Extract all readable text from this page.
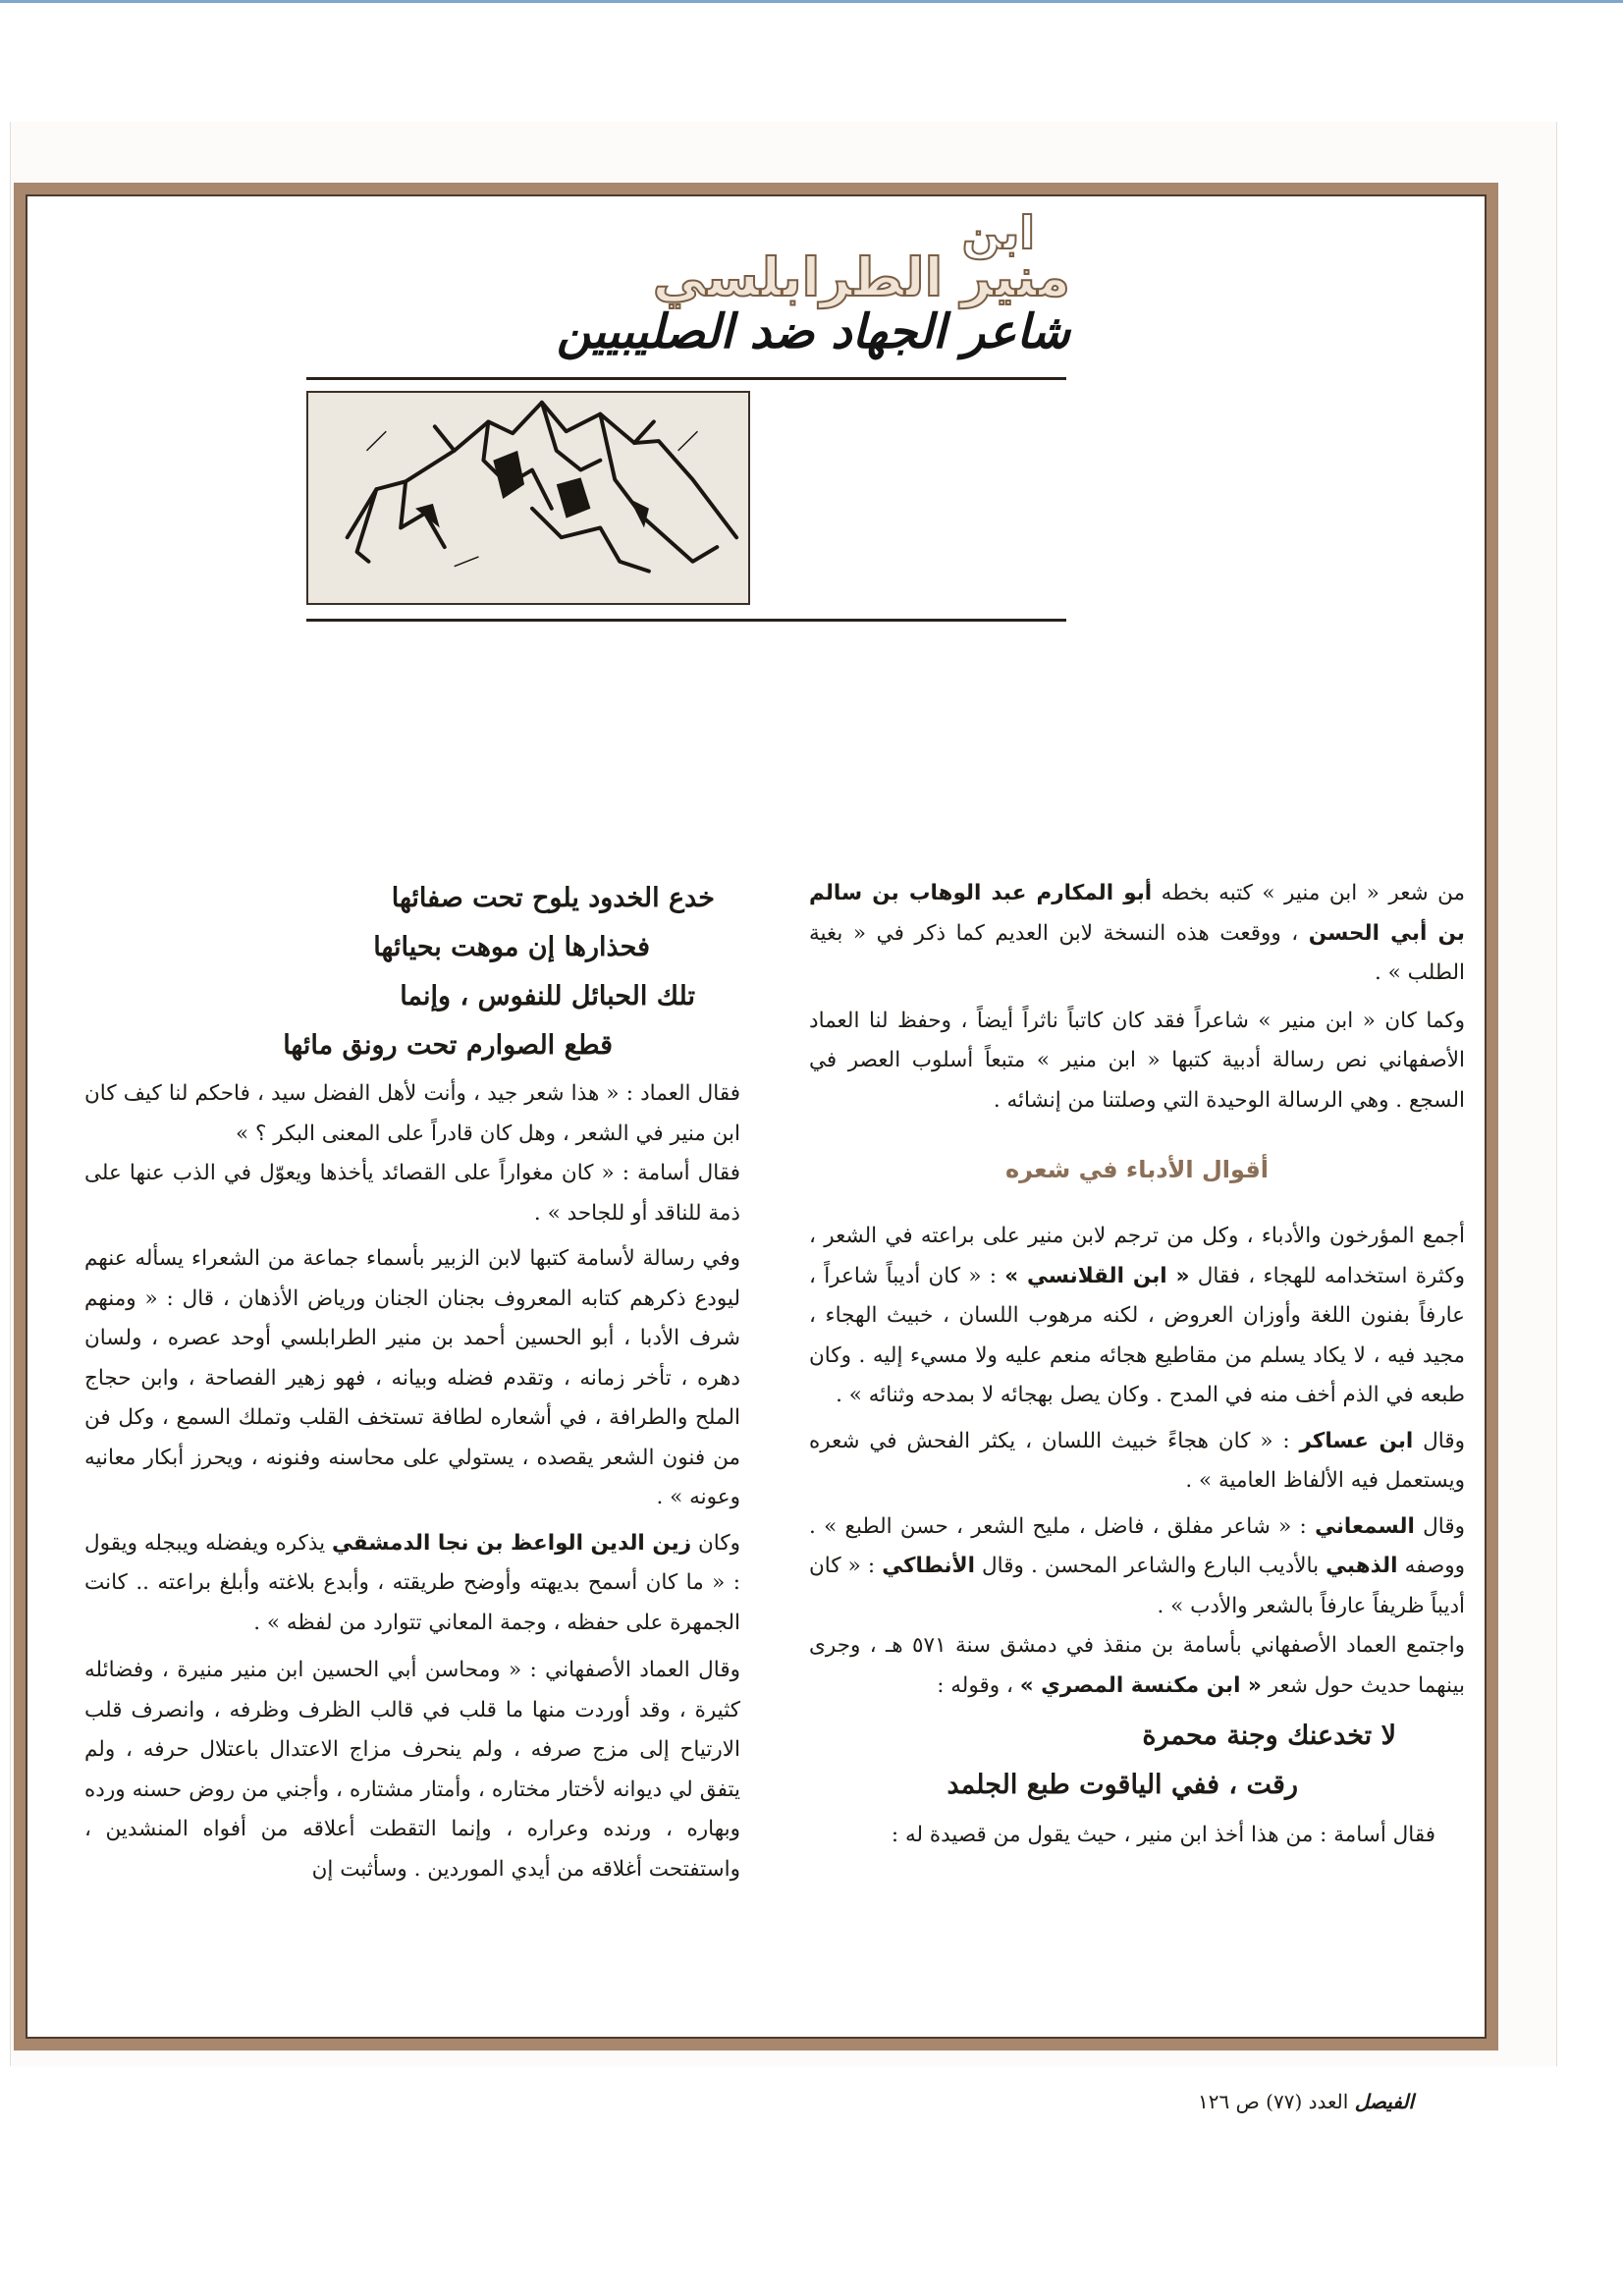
ابن
منير الطرابلسي
شاعر الجهاد ضد الصليبيين

من شعر « ابن منير » كتبه بخطه أبو المكارم عبد الوهاب بن سالم بن أبي الحسن ، ووقعت هذه النسخة لابن العديم كما ذكر في « بغية الطلب » .

وكما كان « ابن منير » شاعراً فقد كان كاتباً ناثراً أيضاً ، وحفظ لنا العماد الأصفهاني نص رسالة أدبية كتبها « ابن منير » متبعاً أسلوب العصر في السجع . وهي الرسالة الوحيدة التي وصلتنا من إنشائه .

أقوال الأدباء في شعره

أجمع المؤرخون والأدباء ، وكل من ترجم لابن منير على براعته في الشعر ، وكثرة استخدامه للهجاء ، فقال « ابن القلانسي » : « كان أديباً شاعراً ، عارفاً بفنون اللغة وأوزان العروض ، لكنه مرهوب اللسان ، خبيث الهجاء ، مجيد فيه ، لا يكاد يسلم من مقاطيع هجائه منعم عليه ولا مسيء إليه . وكان طبعه في الذم أخف منه في المدح . وكان يصل بهجائه لا بمدحه وثنائه » .

وقال ابن عساكر : « كان هجاءً خبيث اللسان ، يكثر الفحش في شعره ويستعمل فيه الألفاظ العامية » .

وقال السمعاني : « شاعر مفلق ، فاضل ، مليح الشعر ، حسن الطبع » . ووصفه الذهبي بالأديب البارع والشاعر المحسن . وقال الأنطاكي : « كان أديباً ظريفاً عارفاً بالشعر والأدب » .

واجتمع العماد الأصفهاني بأسامة بن منقذ في دمشق سنة ٥٧١ هـ ، وجرى بينهما حديث حول شعر « ابن مكنسة المصري » ، وقوله :

لا تخدعنك وجنة محمرة

رقت ، ففي الياقوت طبع الجلمد

فقال أسامة : من هذا أخذ ابن منير ، حيث يقول من قصيدة له :

خدع الخدود يلوح تحت صفائها

فحذارها إن موهت بحيائها

تلك الحبائل للنفوس ، وإنما

قطع الصوارم تحت رونق مائها

فقال العماد : « هذا شعر جيد ، وأنت لأهل الفضل سيد ، فاحكم لنا كيف كان ابن منير في الشعر ، وهل كان قادراً على المعنى البكر ؟ »

فقال أسامة : « كان مغواراً على القصائد يأخذها ويعوّل في الذب عنها على ذمة للناقد أو للجاحد » .

وفي رسالة لأسامة كتبها لابن الزبير بأسماء جماعة من الشعراء يسأله عنهم ليودع ذكرهم كتابه المعروف بجنان الجنان ورياض الأذهان ، قال : « ومنهم شرف الأدبا ، أبو الحسين أحمد بن منير الطرابلسي أوحد عصره ، ولسان دهره ، تأخر زمانه ، وتقدم فضله وبيانه ، فهو زهير الفصاحة ، وابن حجاج الملح والطرافة ، في أشعاره لطافة تستخف القلب وتملك السمع ، وكل فن من فنون الشعر يقصده ، يستولي على محاسنه وفنونه ، ويحرز أبكار معانيه وعونه » .

وكان زين الدين الواعظ بن نجا الدمشقي يذكره ويفضله ويبجله ويقول : « ما كان أسمح بديهته وأوضح طريقته ، وأبدع بلاغته وأبلغ براعته .. كانت الجمهرة على حفظه ، وجمة المعاني تتوارد من لفظه » .

وقال العماد الأصفهاني : « ومحاسن أبي الحسين ابن منير منيرة ، وفضائله كثيرة ، وقد أوردت منها ما قلب في قالب الظرف وظرفه ، وانصرف قلب الارتياح إلى مزج صرفه ، ولم ينحرف مزاج الاعتدال باعتلال حرفه ، ولم يتفق لي ديوانه لأختار مختاره ، وأمتار مشتاره ، وأجني من روض حسنه ورده وبهاره ، ورنده وعراره ، وإنما التقطت أعلاقه من أفواه المنشدين ، واستفتحت أغلاقه من أيدي الموردين . وسأثبت إن

الفيصل العدد (٧٧) ص ١٢٦
